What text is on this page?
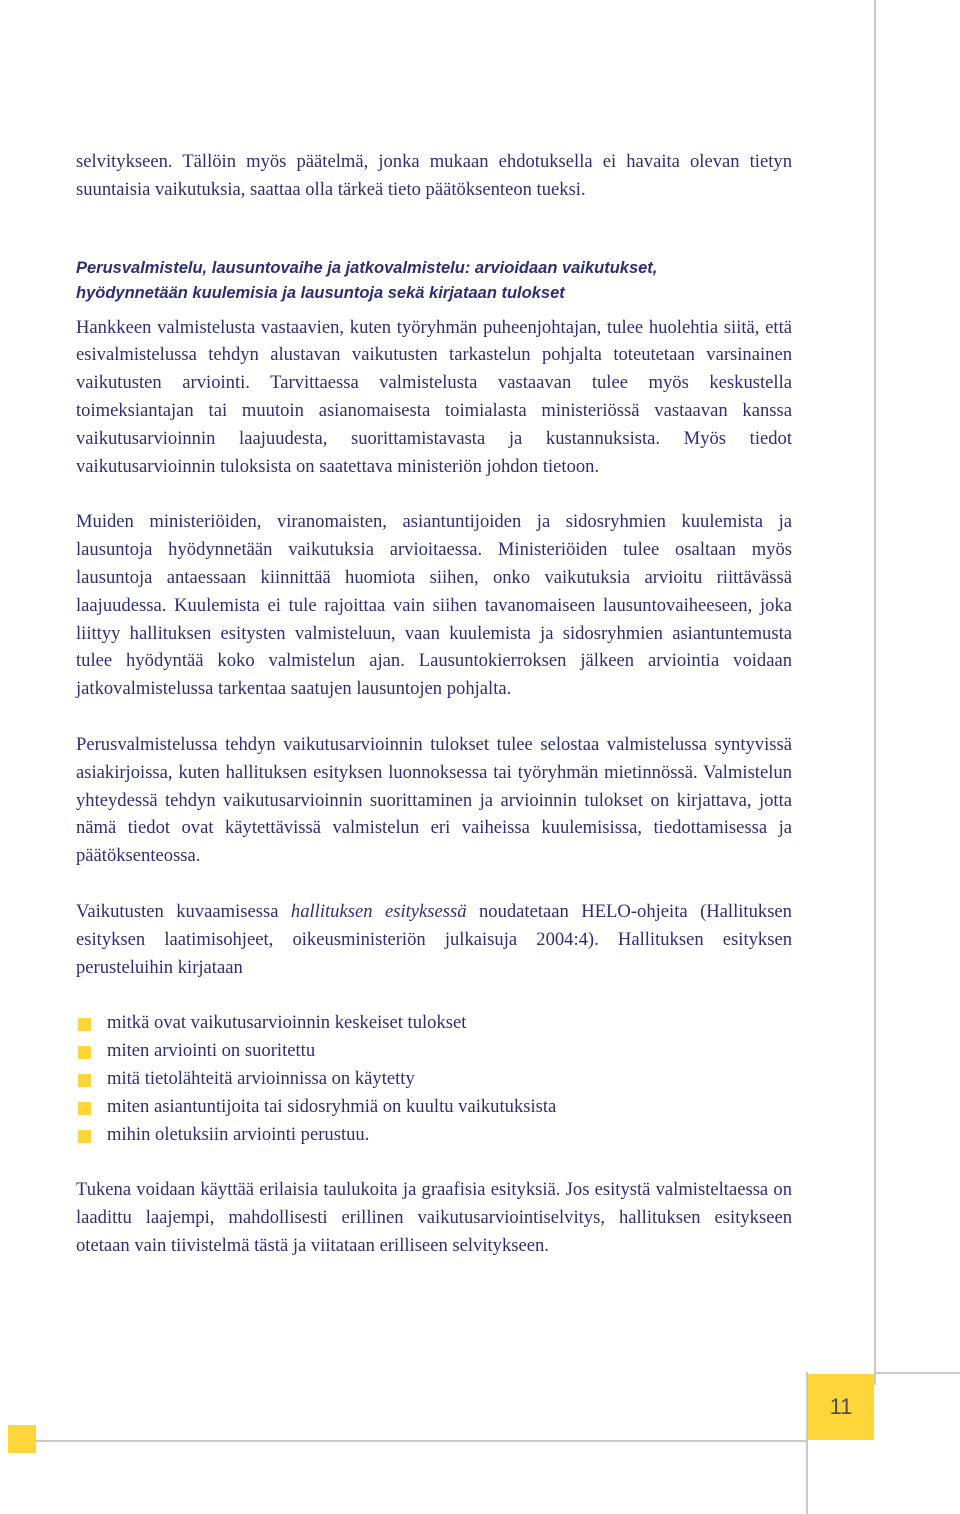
11

selvitykseen. Tällöin myös päätelmä, jonka mukaan ehdotuksella ei havaita olevan tietyn suuntaisia vaikutuksia, saattaa olla tärkeä tieto päätöksenteon tueksi.

Perusvalmistelu, lausuntovaihe ja jatkovalmistelu: arvioidaan vaikutukset,
hyödynnetään kuulemisia ja lausuntoja sekä kirjataan tulokset

Hankkeen valmistelusta vastaavien, kuten työryhmän puheenjohtajan, tulee huolehtia siitä, että esivalmistelussa tehdyn alustavan vaikutusten tarkastelun pohjalta toteutetaan varsinainen vaikutusten arviointi. Tarvittaessa valmistelusta vastaavan tulee myös keskustella toimeksiantajan tai muutoin asianomaisesta toimialasta ministeriössä vastaavan kanssa vaikutusarvioinnin laajuudesta, suorittamistavasta ja kustannuksista. Myös tiedot vaikutusarvioinnin tuloksista on saatettava ministeriön johdon tietoon.

Muiden ministeriöiden, viranomaisten, asiantuntijoiden ja sidosryhmien kuulemista ja lausuntoja hyödynnetään vaikutuksia arvioitaessa. Ministeriöiden tulee osaltaan myös lausuntoja antaessaan kiinnittää huomiota siihen, onko vaikutuksia arvioitu riittävässä laajuudessa. Kuulemista ei tule rajoittaa vain siihen tavanomaiseen lausuntovaiheeseen, joka liittyy hallituksen esitysten valmisteluun, vaan kuulemista ja sidosryhmien asiantuntemusta tulee hyödyntää koko valmistelun ajan. Lausuntokierroksen jälkeen arviointia voidaan jatkovalmistelussa tarkentaa saatujen lausuntojen pohjalta.

Perusvalmistelussa tehdyn vaikutusarvioinnin tulokset tulee selostaa valmistelussa syntyvissä asiakirjoissa, kuten hallituksen esityksen luonnoksessa tai työryhmän mietinnössä. Valmistelun yhteydessä tehdyn vaikutusarvioinnin suorittaminen ja arvioinnin tulokset on kirjattava, jotta nämä tiedot ovat käytettävissä valmistelun eri vaiheissa kuulemisissa, tiedottamisessa ja päätöksenteossa.

Vaikutusten kuvaamisessa hallituksen esityksessä noudatetaan HELO-ohjeita (Hallituksen esityksen laatimisohjeet, oikeusministeriön julkaisuja 2004:4). Hallituksen esityksen perusteluihin kirjataan

mitkä ovat vaikutusarvioinnin keskeiset tulokset
miten arviointi on suoritettu
mitä tietolähteitä arvioinnissa on käytetty
miten asiantuntijoita tai sidosryhmiä on kuultu vaikutuksista
mihin oletuksiin arviointi perustuu.

Tukena voidaan käyttää erilaisia taulukoita ja graafisia esityksiä. Jos esitystä valmisteltaessa on laadittu laajempi, mahdollisesti erillinen vaikutusarviointiselvitys, hallituksen esitykseen otetaan vain tiivistelmä tästä ja viitataan erilliseen selvitykseen.
